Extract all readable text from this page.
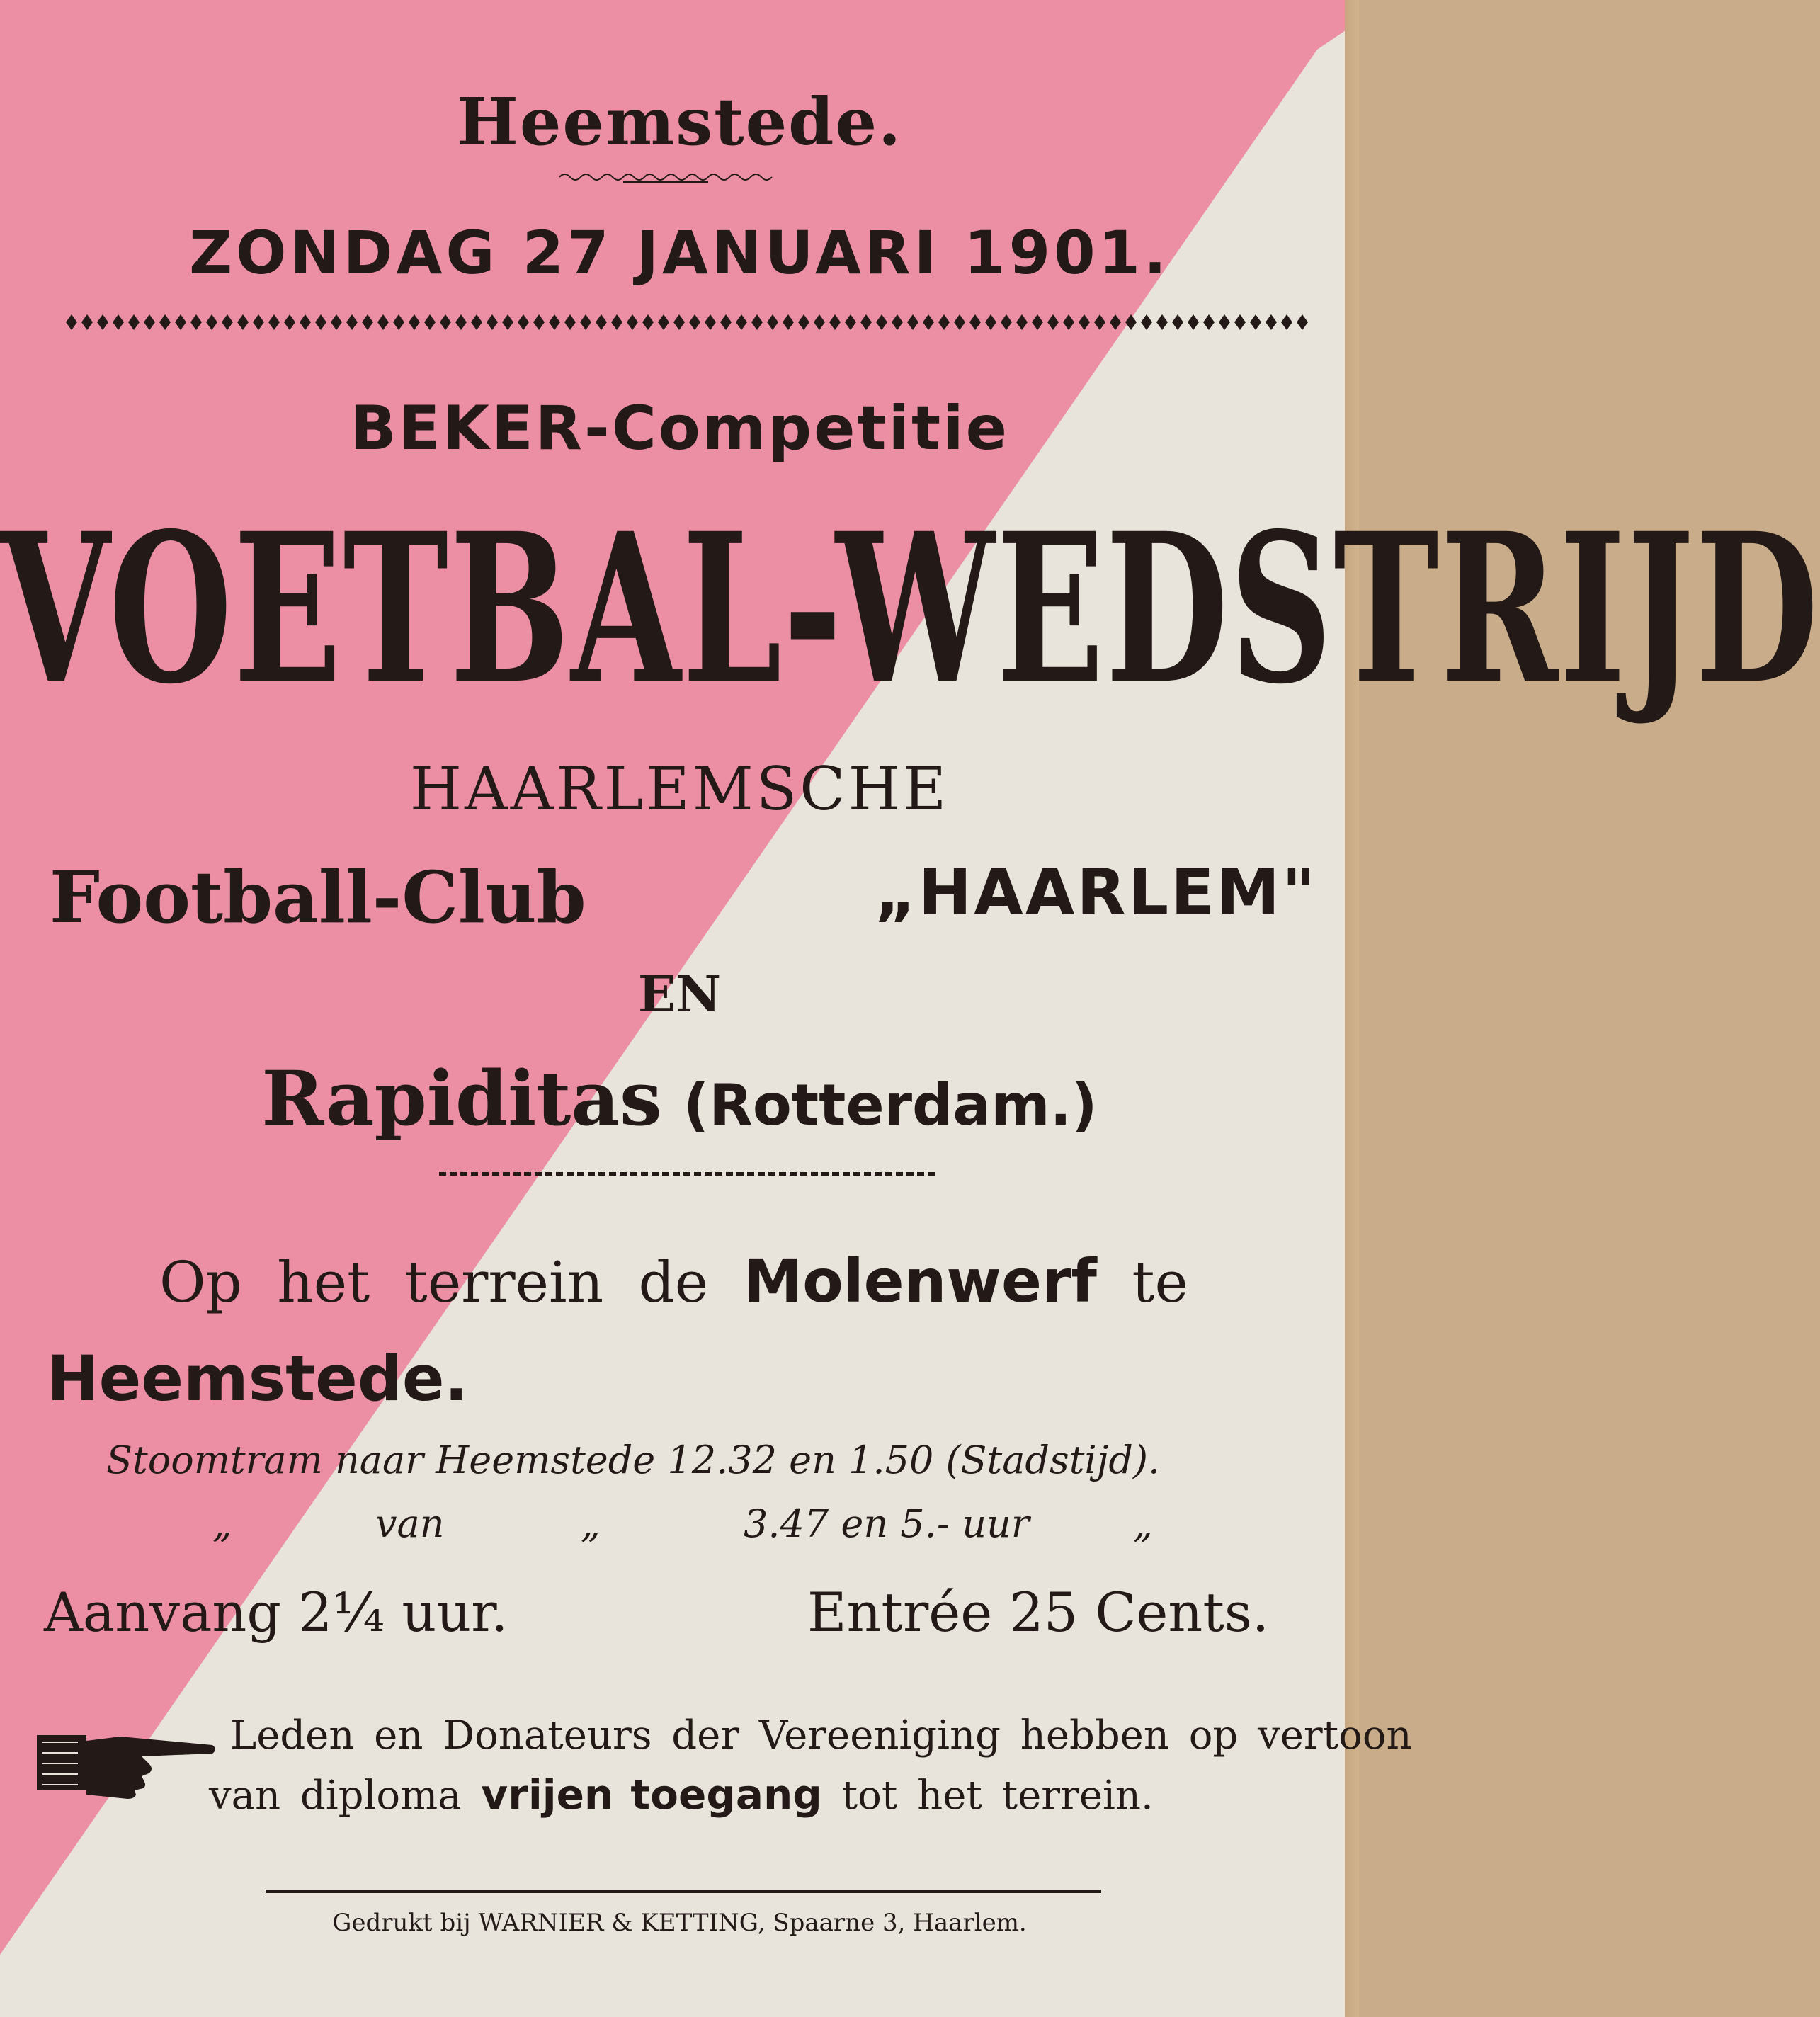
Heemstede.
ZONDAG 27 JANUARI 1901.
BEKER-Competitie
VOETBAL-WEDSTRIJD
HAARLEMSCHE
Football-Club	„HAARLEM"
EN
Rapiditas (Rotterdam.)
Op het terrein de Molenwerf te
Heemstede.
Stoomtram naar Heemstede 12.32 en 1.50 (Stadstijd).
„	van	„	3.47 en 5.- uur	„
Aanvang 2¼ uur.	Entrée 25 Cents.
Leden en Donateurs der Vereeniging hebben op vertoon
van diploma vrijen toegang tot het terrein.
Gedrukt bij WARNIER & KETTING, Spaarne 3, Haarlem.
